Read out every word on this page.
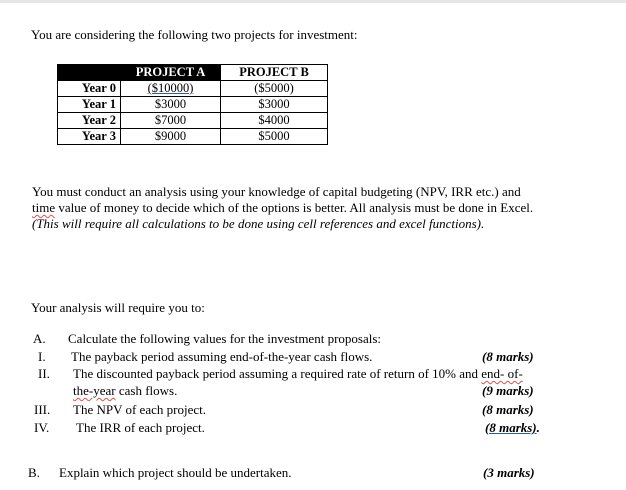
You are considering the following two projects for investment:
	PROJECT A	PROJECT B
Year 0	($10000)	($5000)
Year 1	$3000	$3000
Year 2	$7000	$4000
Year 3	$9000	$5000
You must conduct an analysis using your knowledge of capital budgeting (NPV, IRR etc.) and
time value of money to decide which of the options is better. All analysis must be done in Excel.
(This will require all calculations to be done using cell references and excel functions).
Your analysis will require you to:
A. Calculate the following values for the investment proposals:
I. The payback period assuming end-of-the-year cash flows.	(8 marks)
II. The discounted payback period assuming a required rate of return of 10% and end- of-
the-year cash flows.	(9 marks)
III. The NPV of each project.	(8 marks)
IV. The IRR of each project.	(8 marks).
B. Explain which project should be undertaken.	(3 marks)
